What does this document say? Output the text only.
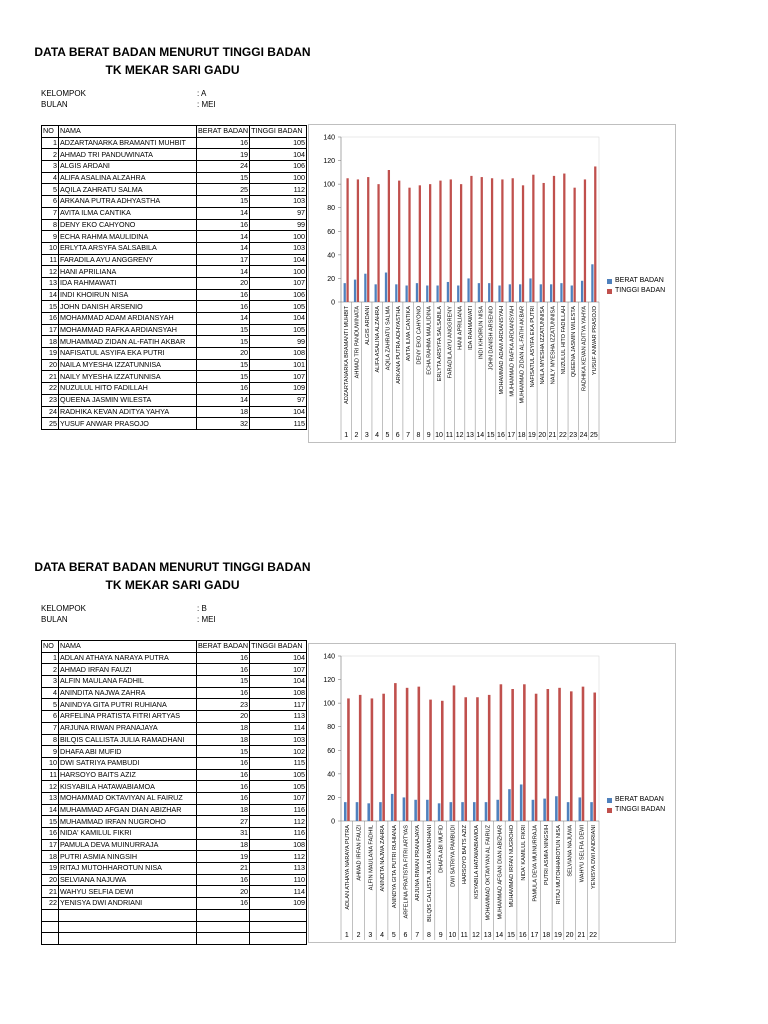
DATA BERAT BADAN MENURUT TINGGI BADAN
TK MEKAR SARI GADU
KELOMPOK	: A
BULAN	: MEI
NO	NAMA	BERAT BADAN	TINGGI BADAN
1	ADZARTANARKA BRAMANTI MUHBIT	16	105
2	AHMAD TRI PANDUWINATA	19	104
3	ALGIS ARDANI	24	106
4	ALIFA ASALINA ALZAHRA	15	100
5	AQILA ZAHRATU SALMA	25	112
6	ARKANA PUTRA ADHYASTHA	15	103
7	AVITA ILMA CANTIKA	14	97
8	DENY EKO CAHYONO	16	99
9	ECHA RAHMA MAULIDINA	14	100
10	ERLYTA ARSYFA SALSABILA	14	103
11	FARADILA AYU ANGGRENY	17	104
12	HANI APRILIANA	14	100
13	IDA RAHMAWATI	20	107
14	INDI KHOIRUN NISA	16	106
15	JOHN DANISH ARSENIO	16	105
16	MOHAMMAD ADAM ARDIANSYAH	14	104
17	MOHAMMAD RAFKA ARDIANSYAH	15	105
18	MUHAMMAD ZIDAN AL-FATIH AKBAR	15	99
19	NAFISATUL ASYIFA EKA PUTRI	20	108
20	NAILA MYESHA IZZATUNNISA	15	101
21	NAILY MYESHA IZZATUNNISA	15	107
22	NUZULUL HITO FADILLAH	16	109
23	QUEENA JASMIN WILESTA	14	97
24	RADHIKA KEVAN ADITYA YAHYA	18	104
25	YUSUF ANWAR PRASOJO	32	115
0
20
40
60
80
100
120
140
ADZARTANARKA BRAMANTI MUHBIT
1
AHMAD TRI PANDUWINATA
2
ALGIS ARDANI
3
ALIFA ASALINA ALZAHRA
4
AQILA ZAHRATU SALMA
5
ARKANA PUTRA ADHYASTHA
6
AVITA ILMA CANTIKA
7
DENY EKO CAHYONO
8
ECHA RAHMA MAULIDINA
9
ERLYTA ARSYFA SALSABILA
10
FARADILA AYU ANGGRENY
11
HANI APRILIANA
12
IDA RAHMAWATI
13
INDI KHOIRUN NISA
14
JOHN DANISH ARSENIO
15
MOHAMMAD ADAM ARDIANSYAH
16
MUHAMMAD RAFKA ARDIANSYAH
17
MUHAMMAD ZIDAN AL-FATIH AKBAR
18
NAFISATUL ASYIFA EKA PUTRI
19
NAILA MYESHA IZZATUNNISA
20
NAILY MYESHA IZZATUNNISA
21
NUZULUL HITO FADILLAH
22
QUEENA JASMIN WILESTA
23
RADHIKA KEVAN ADITYA YAHYA
24
YUSUF ANWAR PRASOJO
25
BERAT BADAN
TINGGI BADAN
DATA BERAT BADAN MENURUT TINGGI BADAN
TK MEKAR SARI GADU
KELOMPOK	: B
BULAN	: MEI
NO	NAMA	BERAT BADAN	TINGGI BADAN
1	ADLAN ATHAYA NARAYA PUTRA	16	104
2	AHMAD IRFAN FAUZI	16	107
3	ALFIN MAULANA FADHIL	15	104
4	ANINDITA NAJWA ZAHRA	16	108
5	ANINDYA GITA PUTRI RUHIANA	23	117
6	ARFELINA PRATISTA FITRI ARTYAS	20	113
7	ARJUNA RIWAN PRANAJAYA	18	114
8	BILQIS CALLISTA JULIA RAMADHANI	18	103
9	DHAFA ABI MUFID	15	102
10	DWI SATRIYA PAMBUDI	16	115
11	HARSOYO BAITS AZIZ	16	105
12	KISYABILA HATAWABIAMOA	16	105
13	MOHAMMAD OKTAVIYAN AL FAIRUZ	16	107
14	MUHAMMAD AFGAN DIAN ABIZHAR	18	116
15	MUHAMMAD IRFAN NUGROHO	27	112
16	NIDA' KAMILUL FIKRI	31	116
17	PAMULA DEVA MUINURRAJA	18	108
18	PUTRI ASMIA NINGSIH	19	112
19	RITAJ MUTOHHAROTUN NISA	21	113
20	SELVIANA NAJUWA	16	110
21	WAHYU SELFIA DEWI	20	114
22	YENISYA DWI ANDRIANI	16	109

0
20
40
60
80
100
120
140
ADLAN ATHAYA NARAYA PUTRA
1
AHMAD IRFAN FAUZI
2
ALFIN MAULANA FADHIL
3
ANINDITA NAJWA ZAHRA
4
ANINDYA GITA PUTRI RUHIANA
5
ARFELINA PRATISTA FITRI ARTYAS
6
ARJUNA RIWAN PRANAJAYA
7
BILQIS CALLISTA JULIA RAMADHANI
8
DHAFA ABI MUFID
9
DWI SATRIYA PAMBUDI
10
HARSOYO BAITS AZIZ
11
KISYABILA HATAWABIAMOA
12
MOHAMMAD OKTAVIYAN AL FAIRUZ
13
MUHAMMAD AFGAN DIAN ABIZHAR
14
MUHAMMAD IRFAN NUGROHO
15
NIDA' KAMILUL FIKRI
16
PAMULA DEVA MUINURRAJA
17
PUTRI ASMIA NINGSIH
18
RITAJ MUTOHHAROTUN NISA
19
SELVIANA NAJUWA
20
WAHYU SELFIA DEWI
21
YENISYA DWI ANDRIANI
22
BERAT BADAN
TINGGI BADAN
